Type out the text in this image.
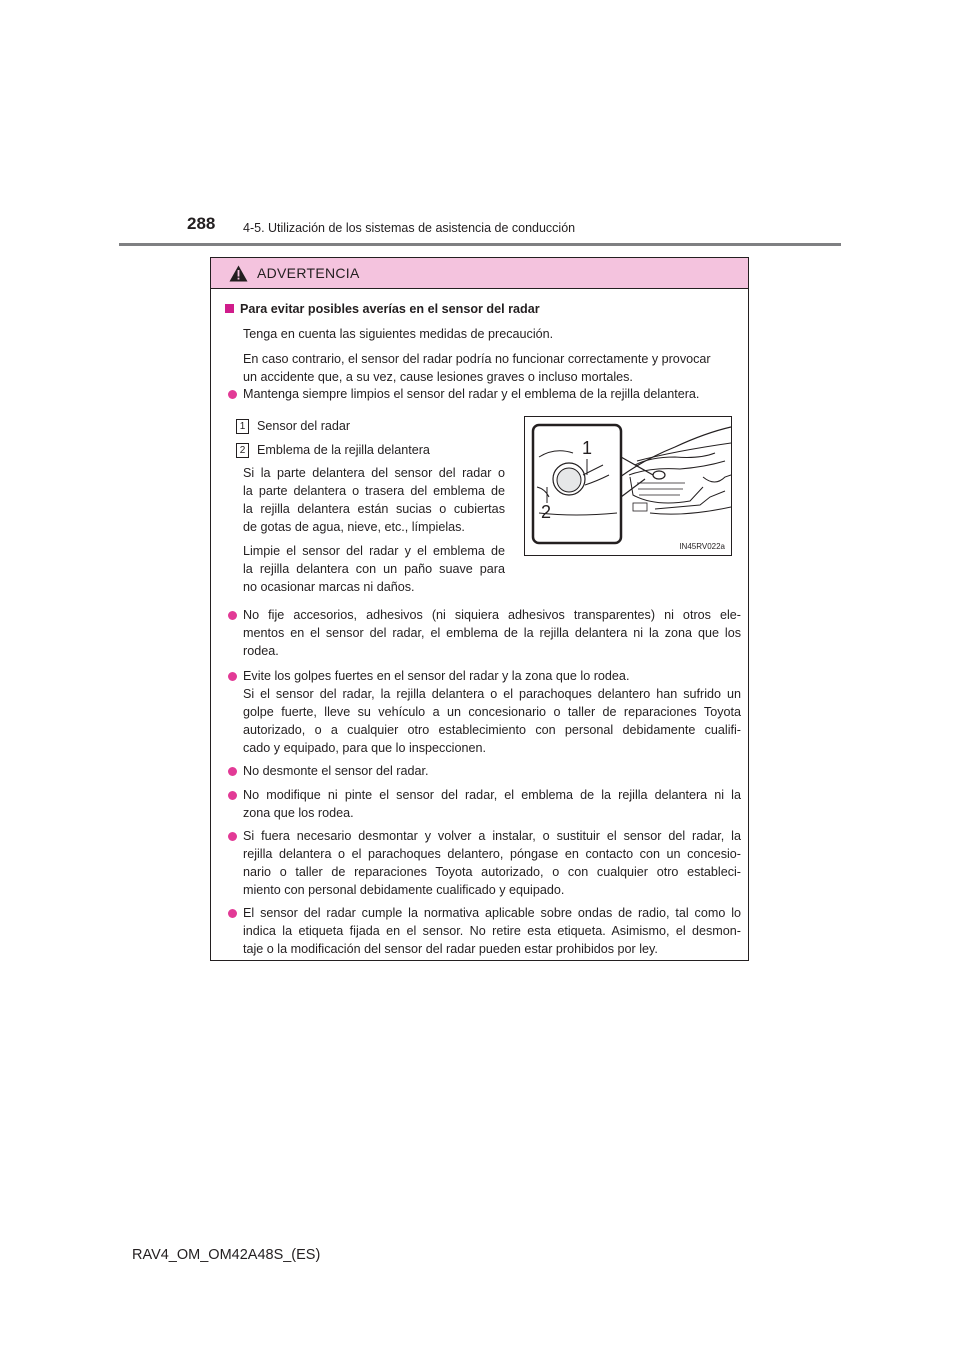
288 4-5. Utilización de los sistemas de asistencia de conducción
ADVERTENCIA
Para evitar posibles averías en el sensor del radar
Tenga en cuenta las siguientes medidas de precaución.
En caso contrario, el sensor del radar podría no funcionar correctamente y provocar
un accidente que, a su vez, cause lesiones graves o incluso mortales.
Mantenga siempre limpios el sensor del radar y el emblema de la rejilla delantera.
1 Sensor del radar
2 Emblema de la rejilla delantera
Si la parte delantera del sensor del radar o
la parte delantera o trasera del emblema de
la rejilla delantera están sucias o cubiertas
de gotas de agua, nieve, etc., límpielas.
Limpie el sensor del radar y el emblema de
la rejilla delantera con un paño suave para
no ocasionar marcas ni daños.
1
2
IN45RV022a
No fije accesorios, adhesivos (ni siquiera adhesivos transparentes) ni otros ele-
mentos en el sensor del radar, el emblema de la rejilla delantera ni la zona que los
rodea.
Evite los golpes fuertes en el sensor del radar y la zona que lo rodea.
Si el sensor del radar, la rejilla delantera o el parachoques delantero han sufrido un
golpe fuerte, lleve su vehículo a un concesionario o taller de reparaciones Toyota
autorizado, o a cualquier otro establecimiento con personal debidamente cualifi-
cado y equipado, para que lo inspeccionen.
No desmonte el sensor del radar.
No modifique ni pinte el sensor del radar, el emblema de la rejilla delantera ni la
zona que los rodea.
Si fuera necesario desmontar y volver a instalar, o sustituir el sensor del radar, la
rejilla delantera o el parachoques delantero, póngase en contacto con un concesio-
nario o taller de reparaciones Toyota autorizado, o con cualquier otro estableci-
miento con personal debidamente cualificado y equipado.
El sensor del radar cumple la normativa aplicable sobre ondas de radio, tal como lo
indica la etiqueta fijada en el sensor. No retire esta etiqueta. Asimismo, el desmon-
taje o la modificación del sensor del radar pueden estar prohibidos por ley.
RAV4_OM_OM42A48S_(ES)
